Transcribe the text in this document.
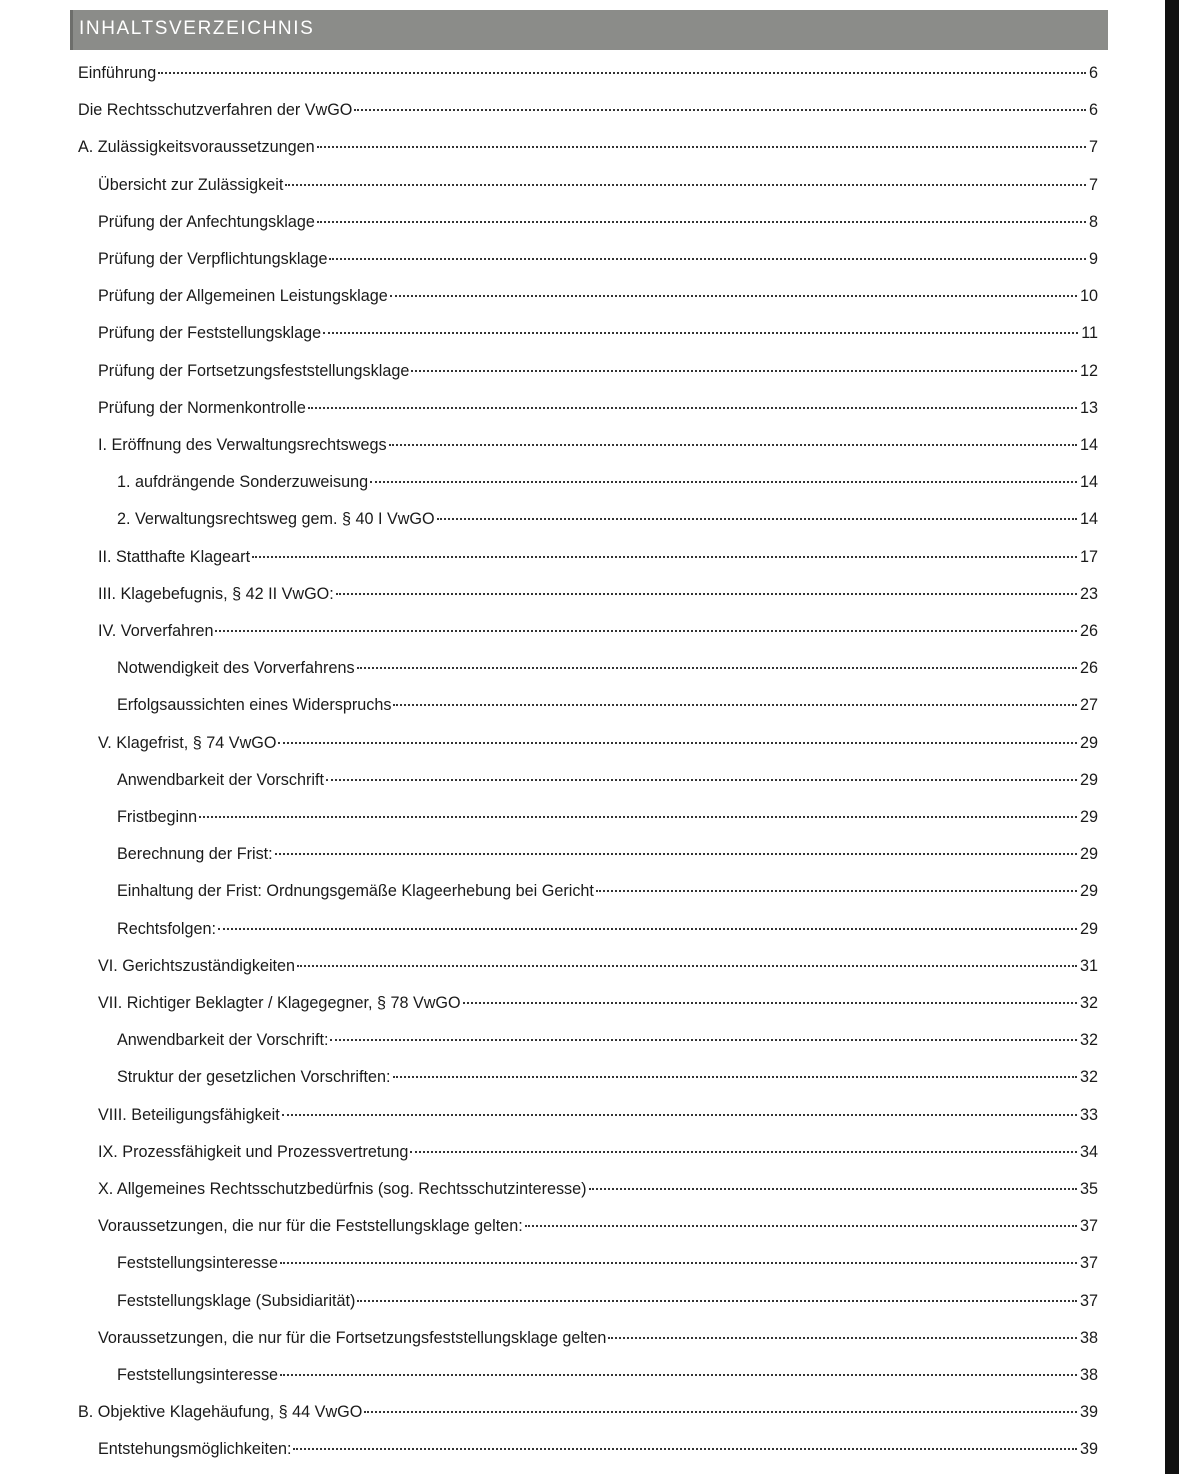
INHALTSVERZEICHNIS
Einführung	6
Die Rechtsschutzverfahren der VwGO	6
A. Zulässigkeitsvoraussetzungen	7
Übersicht zur Zulässigkeit	7
Prüfung der Anfechtungsklage	8
Prüfung der Verpflichtungsklage	9
Prüfung der Allgemeinen Leistungsklage	10
Prüfung der Feststellungsklage	11
Prüfung der Fortsetzungsfeststellungsklage	12
Prüfung der Normenkontrolle	13
I. Eröffnung des Verwaltungsrechtswegs	14
1. aufdrängende Sonderzuweisung	14
2. Verwaltungsrechtsweg gem. § 40 I VwGO	14
II. Statthafte Klageart	17
III. Klagebefugnis, § 42 II VwGO:	23
IV. Vorverfahren	26
Notwendigkeit des Vorverfahrens	26
Erfolgsaussichten eines Widerspruchs	27
V. Klagefrist, § 74 VwGO	29
Anwendbarkeit der Vorschrift	29
Fristbeginn	29
Berechnung der Frist:	29
Einhaltung der Frist: Ordnungsgemäße Klageerhebung bei Gericht	29
Rechtsfolgen:	29
VI. Gerichtszuständigkeiten	31
VII. Richtiger Beklagter / Klagegegner, § 78 VwGO	32
Anwendbarkeit der Vorschrift:	32
Struktur der gesetzlichen Vorschriften:	32
VIII. Beteiligungsfähigkeit	33
IX. Prozessfähigkeit und Prozessvertretung	34
X. Allgemeines Rechtsschutzbedürfnis (sog. Rechtsschutzinteresse)	35
Voraussetzungen, die nur für die Feststellungsklage gelten:	37
Feststellungsinteresse	37
Feststellungsklage (Subsidiarität)	37
Voraussetzungen, die nur für die Fortsetzungsfeststellungsklage gelten	38
Feststellungsinteresse	38
B. Objektive Klagehäufung, § 44 VwGO	39
Entstehungsmöglichkeiten:	39
